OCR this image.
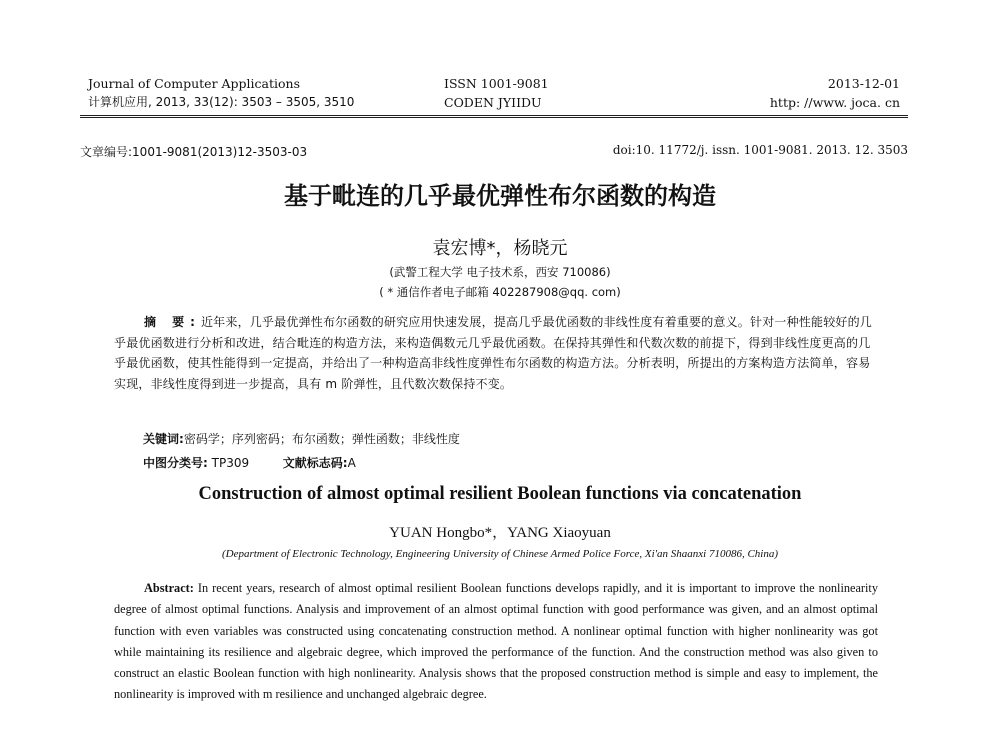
Journal of Computer Applications
计算机应用, 2013, 33(12): 3503 – 3505, 3510
ISSN 1001-9081
CODEN JYIIDU
2013-12-01
http: //www. joca. cn
文章编号:1001-9081(2013)12-3503-03	doi:10. 11772/j. issn. 1001-9081. 2013. 12. 3503
基于毗连的几乎最优弹性布尔函数的构造
袁宏博*，杨晓元
(武警工程大学 电子技术系，西安 710086)
( * 通信作者电子邮箱 402287908@qq. com)
摘 要:近年来，几乎最优弹性布尔函数的研究应用快速发展，提高几乎最优函数的非线性度有着重要的意义。针对一种性能较好的几乎最优函数进行分析和改进，结合毗连的构造方法，来构造偶数元几乎最优函数。在保持其弹性和代数次数的前提下，得到非线性度更高的几乎最优函数，使其性能得到一定提高，并给出了一种构造高非线性度弹性布尔函数的构造方法。分析表明，所提出的方案构造方法简单，容易实现，非线性度得到进一步提高，具有 m 阶弹性，且代数次数保持不变。
关键词:密码学；序列密码；布尔函数；弹性函数；非线性度
中图分类号: TP309	文献标志码:A
Construction of almost optimal resilient Boolean functions via concatenation
YUAN Hongbo*，YANG Xiaoyuan
(Department of Electronic Technology, Engineering University of Chinese Armed Police Force, Xi'an Shaanxi 710086, China)
Abstract: In recent years, research of almost optimal resilient Boolean functions develops rapidly, and it is important to improve the nonlinearity degree of almost optimal functions. Analysis and improvement of an almost optimal function with good performance was given, and an almost optimal function with even variables was constructed using concatenating construction method. A nonlinear optimal function with higher nonlinearity was got while maintaining its resilience and algebraic degree, which improved the performance of the function. And the construction method was also given to construct an elastic Boolean function with high nonlinearity. Analysis shows that the proposed construction method is simple and easy to implement, the nonlinearity is improved with m resilience and unchanged algebraic degree.
